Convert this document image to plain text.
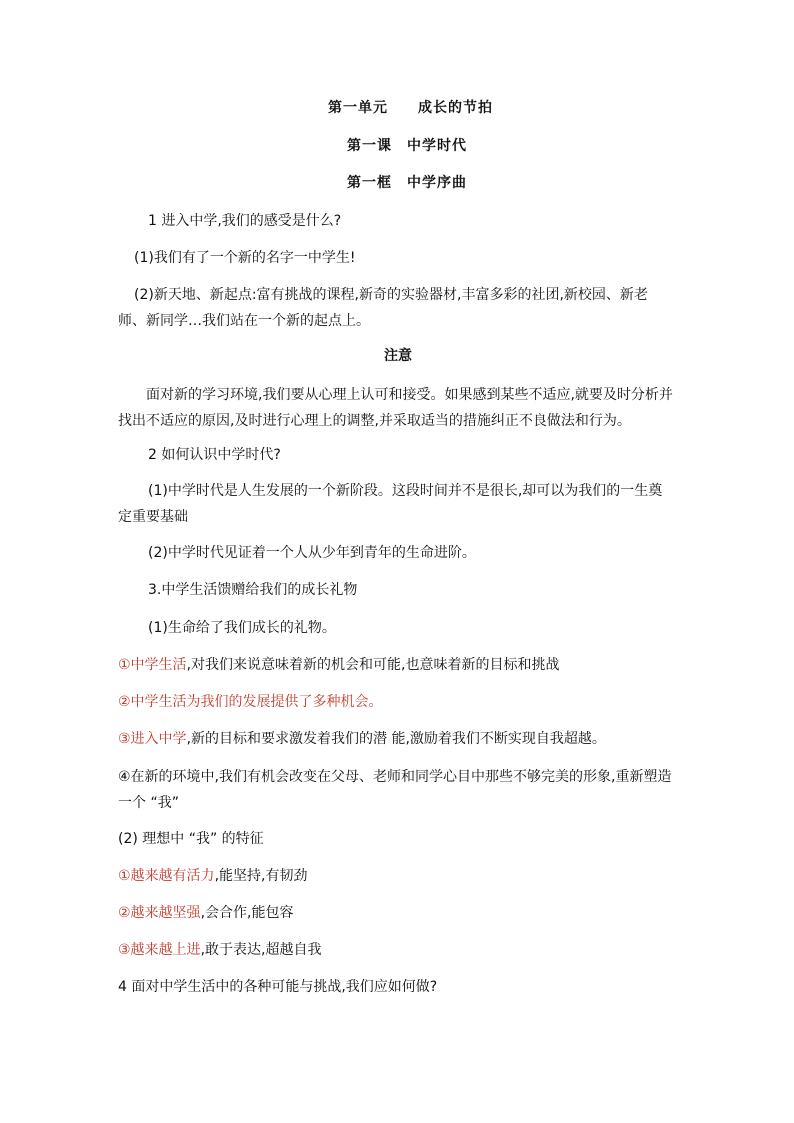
第一单元　　成长的节拍
第一课　中学时代
第一框　中学序曲
1 进入中学,我们的感受是什么?
(1)我们有了一个新的名字一中学生!
(2)新天地、新起点:富有挑战的课程,新奇的实验器材,丰富多彩的社团,新校园、新老师、新同学…我们站在一个新的起点上。
注意
面对新的学习环境,我们要从心理上认可和接受。如果感到某些不适应,就要及时分析并找出不适应的原因,及时进行心理上的调整,并采取适当的措施纠正不良做法和行为。
2 如何认识中学时代?
(1)中学时代是人生发展的一个新阶段。这段时间并不是很长,却可以为我们的一生奠定重要基础
(2)中学时代见证着一个人从少年到青年的生命进阶。
3.中学生活馈赠给我们的成长礼物
(1)生命给了我们成长的礼物。
①中学生活,对我们来说意味着新的机会和可能,也意味着新的目标和挑战
②中学生活为我们的发展提供了多种机会。
③进入中学,新的目标和要求激发着我们的潜 能,激励着我们不断实现自我超越。
④在新的环境中,我们有机会改变在父母、老师和同学心目中那些不够完美的形象,重新塑造一个 “我”
(2) 理想中 “我” 的特征
①越来越有活力,能坚持,有韧劲
②越来越坚强,会合作,能包容
③越来越上进,敢于表达,超越自我
4 面对中学生活中的各种可能与挑战,我们应如何做?
